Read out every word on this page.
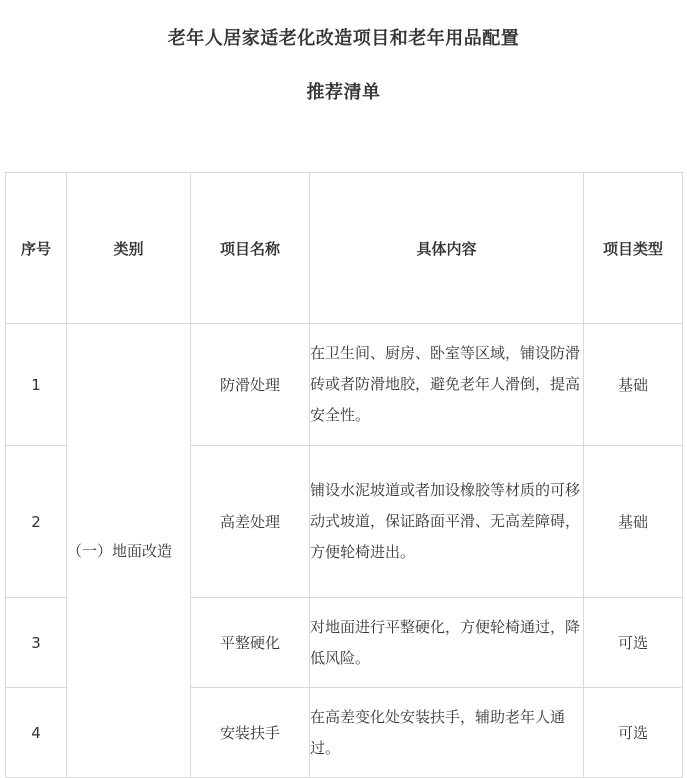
老年人居家适老化改造项目和老年用品配置
推荐清单
序号	类别	项目名称	具体内容	项目类型
1	（一）地面改造	防滑处理	在卫生间、厨房、卧室等区域，铺设防滑砖或者防滑地胶，避免老年人滑倒，提高安全性。	基础
2		高差处理	铺设水泥坡道或者加设橡胶等材质的可移动式坡道，保证路面平滑、无高差障碍，方便轮椅进出。	基础
3		平整硬化	对地面进行平整硬化，方便轮椅通过，降低风险。	可选
4		安装扶手	在高差变化处安装扶手，辅助老年人通过。	可选
